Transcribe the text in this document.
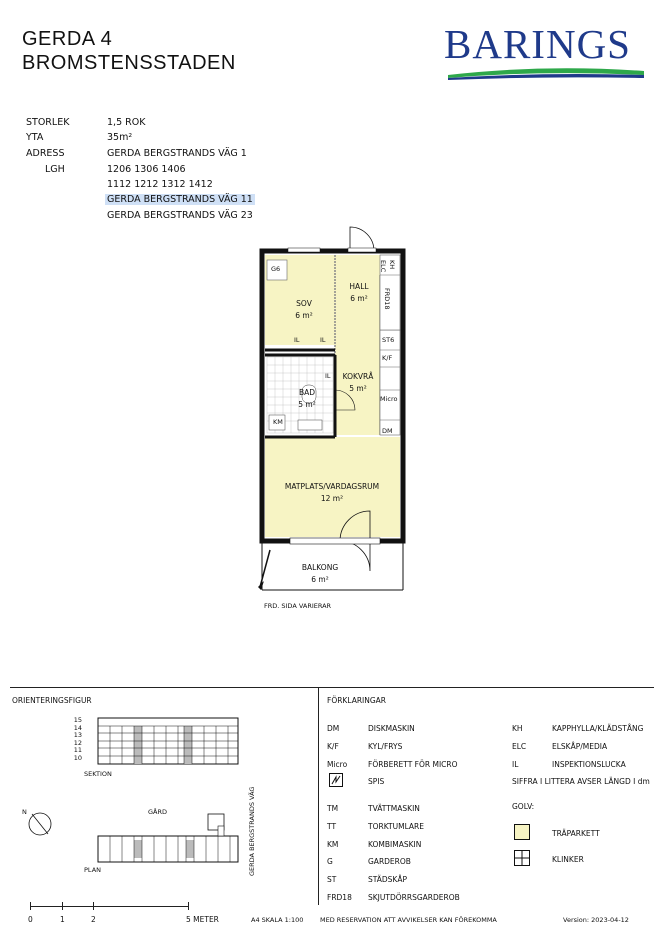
GERDA 4
BROMSTENSSTADEN	BARINGS
STORLEK	1,5 ROK
YTA	35m²
ADRESS	GERDA BERGSTRANDS VÄG 1
LGH	1206 1306 1406
1112 1212 1312 1412
GERDA BERGSTRANDS VÄG 11
GERDA BERGSTRANDS VÄG 23
G6	ELC KH
FRD18
ST6
K/F
Micro
DM
KM
IL	IL
IL
SOV
6 m²
HALL
6 m²
BAD
5 m²
KOKVRÅ
5 m²
MATPLATS/VARDAGSRUM
12 m²
BALKONG
6 m²
FRD. SIDA VARIERAR
ORIENTERINGSFIGUR
15
14
13
12
11
10
SEKTION
N	GÅRD
PLAN	GERDA BERGSTRANDS VÄG
FÖRKLARINGAR
DM	DISKMASKIN
K/F	KYL/FRYS
Micro	FÖRBERETT FÖR MICRO
SPIS
TM	TVÄTTMASKIN
TT	TORKTUMLARE
KM	KOMBIMASKIN
G	GARDEROB
ST	STÄDSKÅP
FRD18 SKJUTDÖRRSGARDEROB
KH	KAPPHYLLA/KLÄDSTÅNG
ELC	ELSKÅP/MEDIA
IL	INSPEKTIONSLUCKA
SIFFRA I LITTERA AVSER LÄNGD I dm
GOLV:
TRÄPARKETT
KLINKER
0	1	2	5 METER	A4 SKALA 1:100	MED RESERVATION ATT AVVIKELSER KAN FÖREKOMMA	Version: 2023-04-12
